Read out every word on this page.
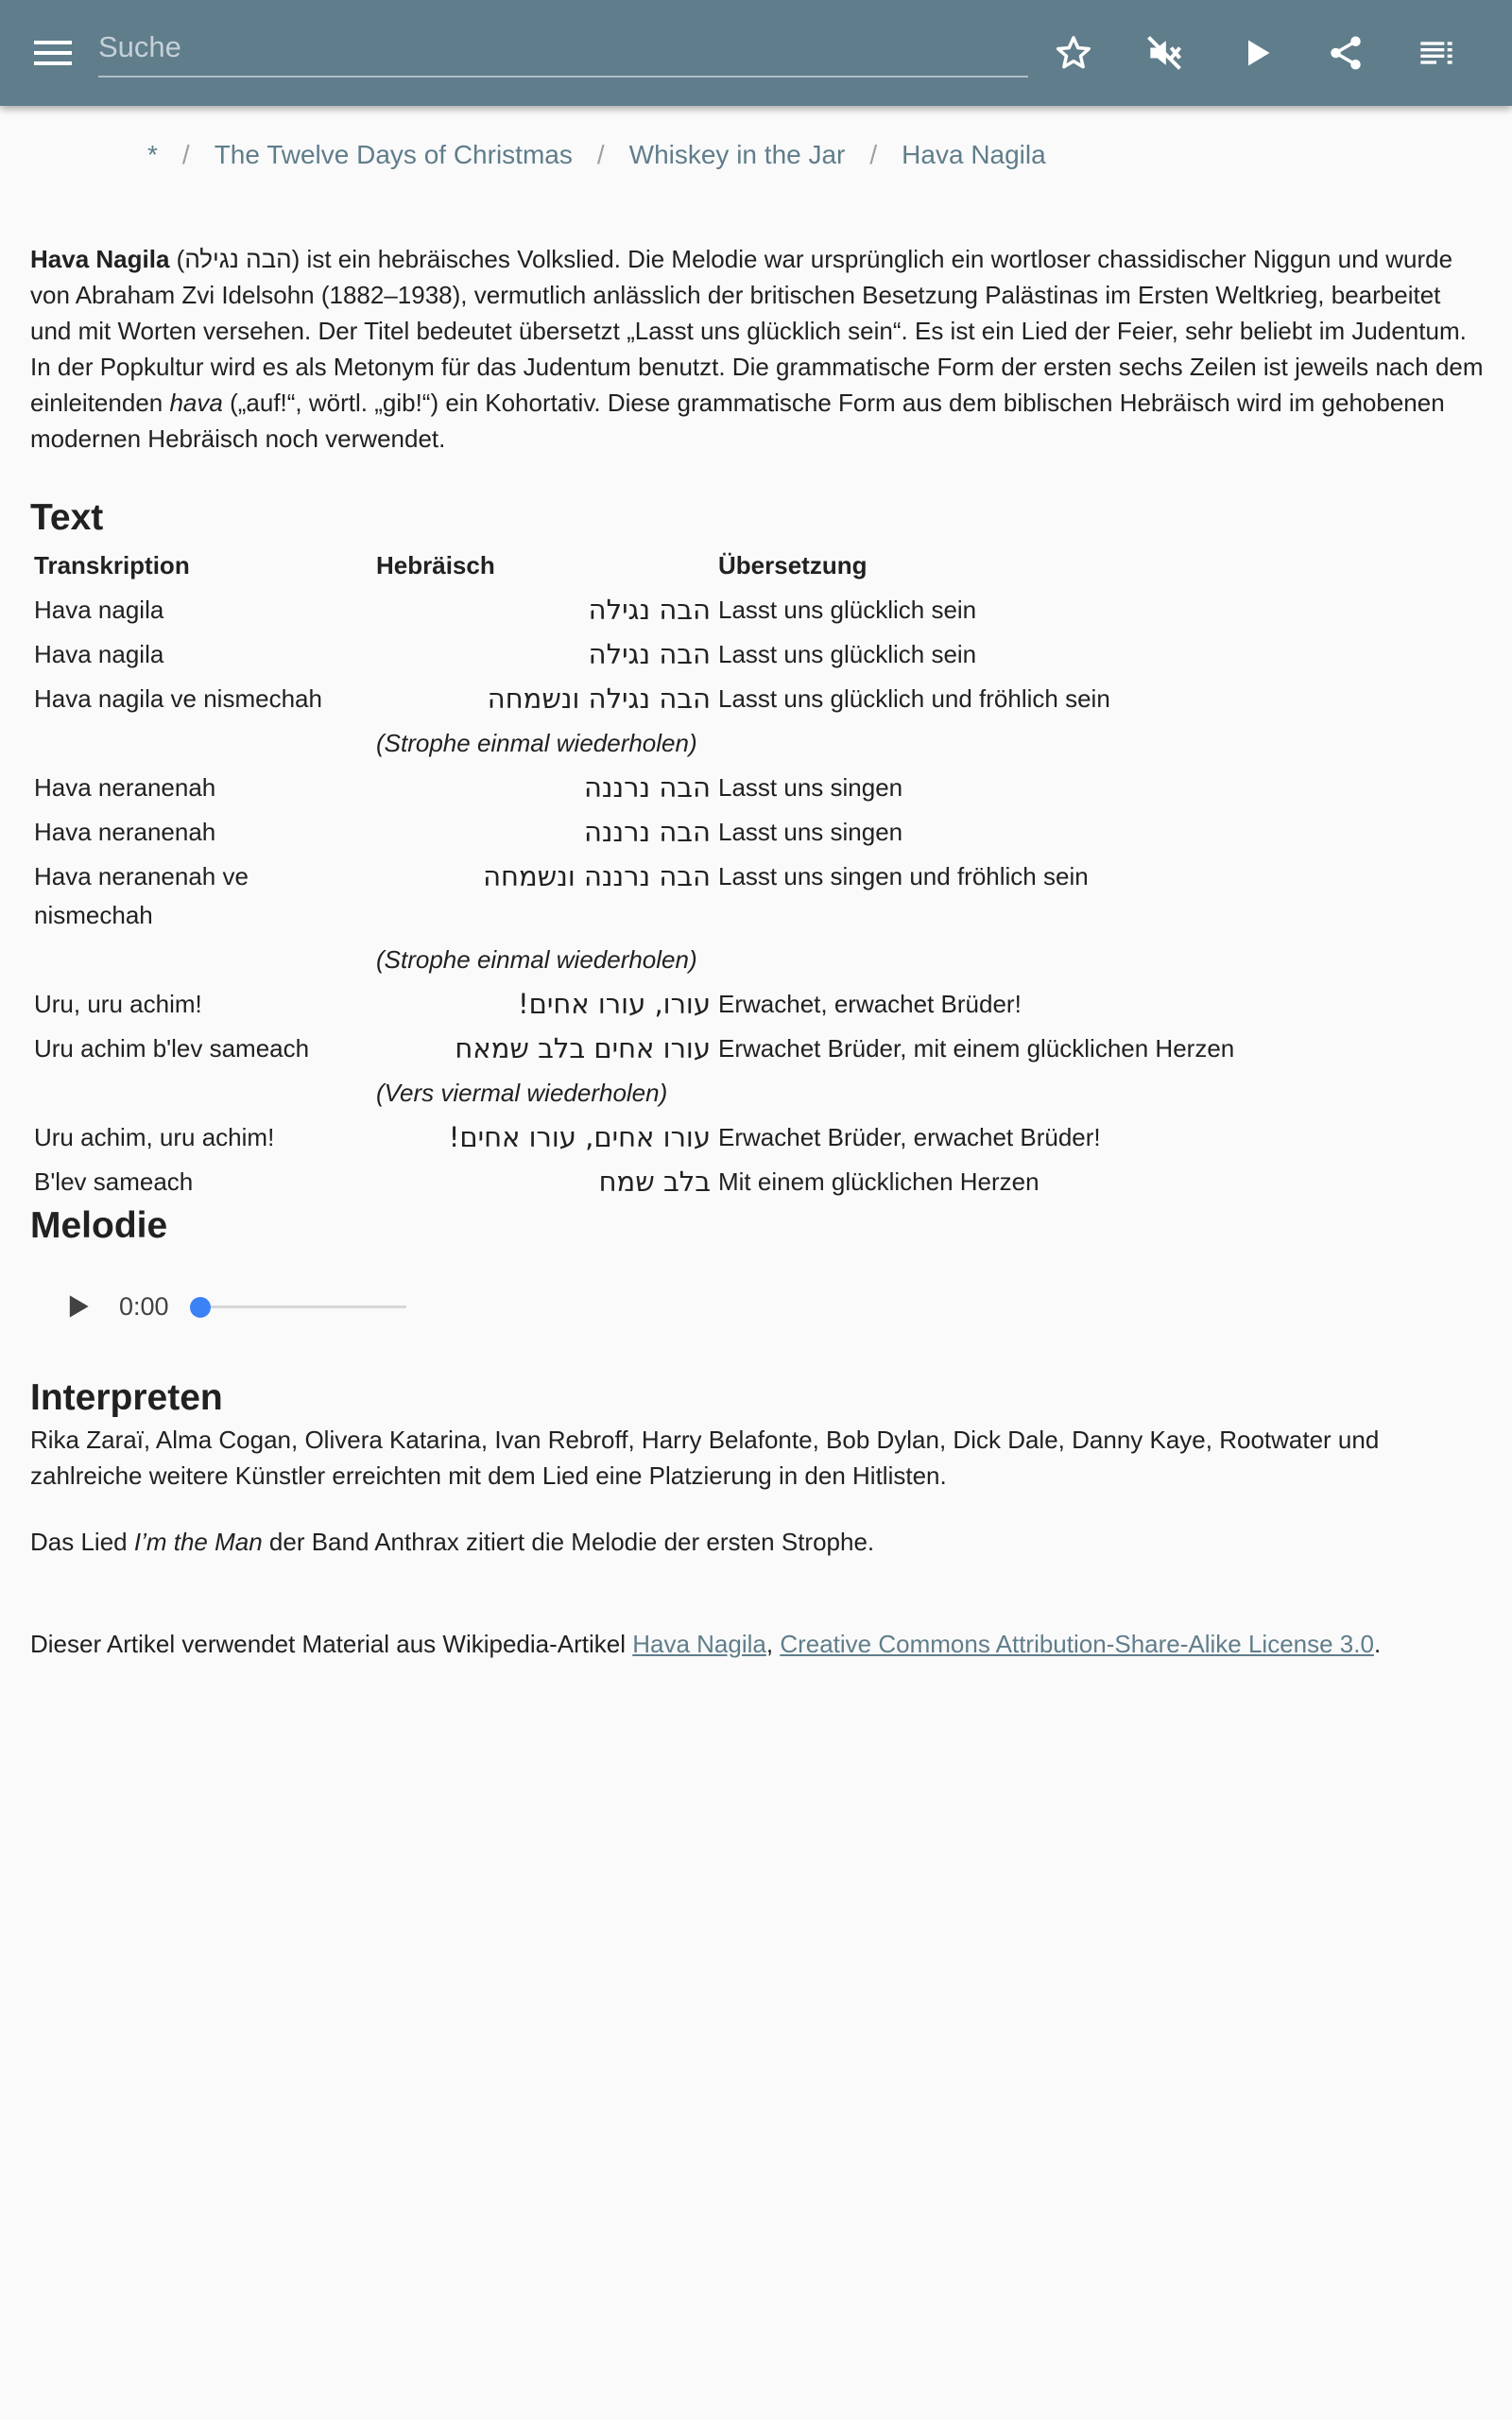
Suche
* / The Twelve Days of Christmas / Whiskey in the Jar / Hava Nagila

Hava Nagila (הבה נגילה) ist ein hebräisches Volkslied. Die Melodie war ursprünglich ein wortloser chassidischer Niggun und wurde von Abraham Zvi Idelsohn (1882–1938), vermutlich anlässlich der britischen Besetzung Palästinas im Ersten Weltkrieg, bearbeitet und mit Worten versehen. Der Titel bedeutet übersetzt „Lasst uns glücklich sein“. Es ist ein Lied der Feier, sehr beliebt im Judentum. In der Popkultur wird es als Metonym für das Judentum benutzt. Die grammatische Form der ersten sechs Zeilen ist jeweils nach dem einleitenden hava („auf!“, wörtl. „gib!“) ein Kohortativ. Diese grammatische Form aus dem biblischen Hebräisch wird im gehobenen modernen Hebräisch noch verwendet.

Text
Transkription	Hebräisch	Übersetzung
Hava nagila	הבה נגילה	Lasst uns glücklich sein
Hava nagila	הבה נגילה	Lasst uns glücklich sein
Hava nagila ve nismechah	הבה נגילה ונשמחה	Lasst uns glücklich und fröhlich sein
	(Strophe einmal wiederholen)	
Hava neranenah	הבה נרננה	Lasst uns singen
Hava neranenah	הבה נרננה	Lasst uns singen
Hava neranenah ve nismechah	הבה נרננה ונשמחה	Lasst uns singen und fröhlich sein
	(Strophe einmal wiederholen)	
Uru, uru achim!	עורו, עורו אחים!	Erwachet, erwachet Brüder!
Uru achim b'lev sameach	עורו אחים בלב שמאח	Erwachet Brüder, mit einem glücklichen Herzen
	(Vers viermal wiederholen)	
Uru achim, uru achim!	עורו אחים, עורו אחים!	Erwachet Brüder, erwachet Brüder!
B'lev sameach	בלב שמח	Mit einem glücklichen Herzen
Melodie
0:00
Interpreten

Rika Zaraï, Alma Cogan, Olivera Katarina, Ivan Rebroff, Harry Belafonte, Bob Dylan, Dick Dale, Danny Kaye, Rootwater und zahlreiche weitere Künstler erreichten mit dem Lied eine Platzierung in den Hitlisten.

Das Lied I’m the Man der Band Anthrax zitiert die Melodie der ersten Strophe.

Dieser Artikel verwendet Material aus Wikipedia-Artikel Hava Nagila, Creative Commons Attribution-Share-Alike License 3.0.
